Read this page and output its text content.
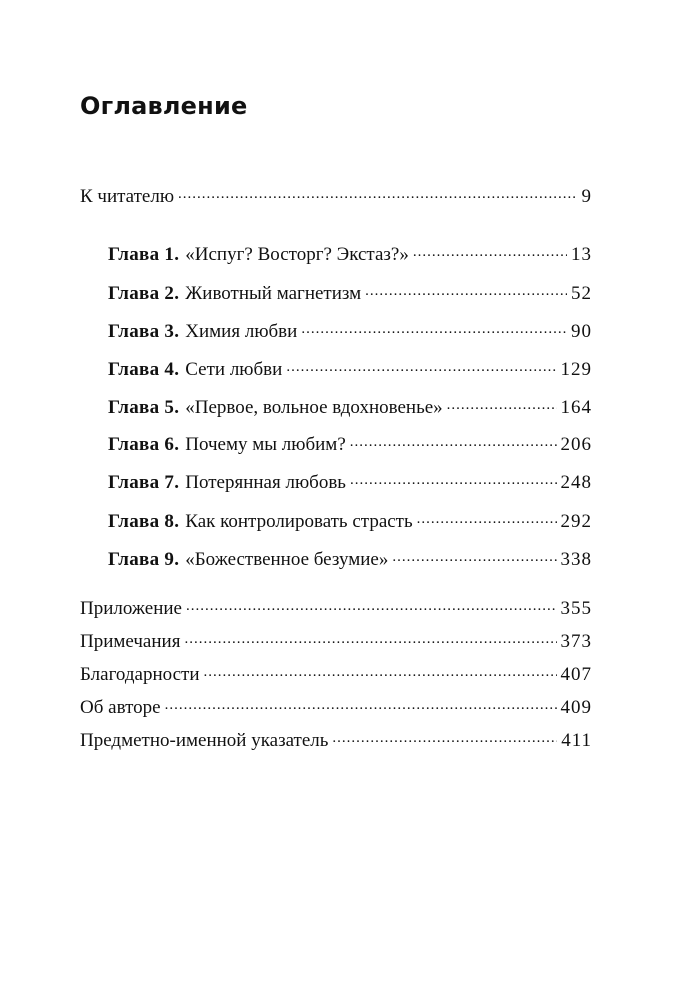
Оглавление
К читателю .....	9
Глава 1. «Испуг? Восторг? Экстаз?» .....	13
Глава 2. Животный магнетизм .....	52
Глава 3. Химия любви .....	90
Глава 4. Сети любви .....	129
Глава 5. «Первое, вольное вдохновенье» .....	164
Глава 6. Почему мы любим? .....	206
Глава 7. Потерянная любовь .....	248
Глава 8. Как контролировать страсть .....	292
Глава 9. «Божественное безумие» .....	338
Приложение .....	355
Примечания .....	373
Благодарности .....	407
Об авторе .....	409
Предметно-именной указатель .....	411
